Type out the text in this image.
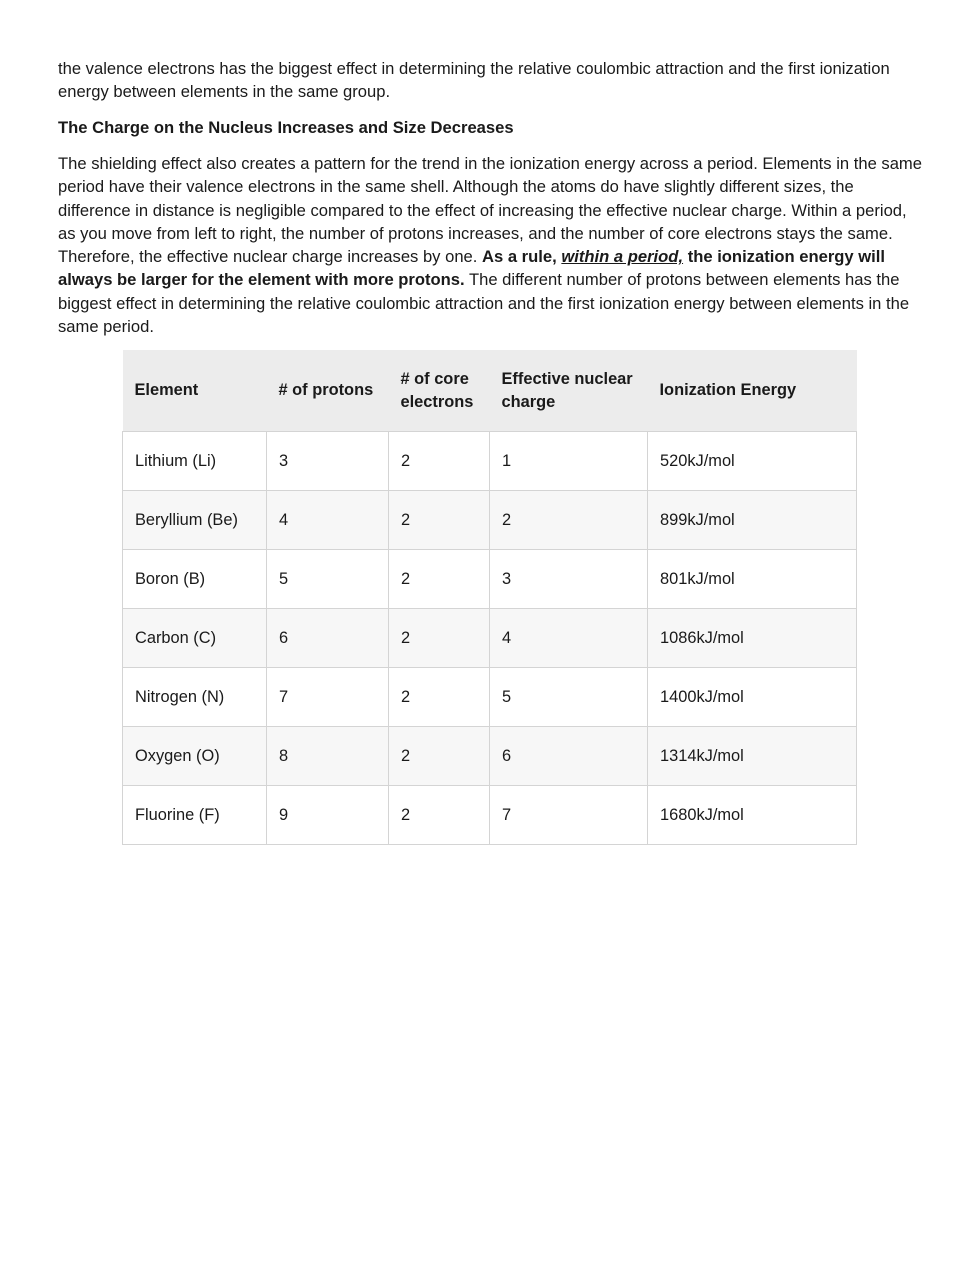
the valence electrons has the biggest effect in determining the relative coulombic attraction and the first ionization energy between elements in the same group.

The Charge on the Nucleus Increases and Size Decreases

The shielding effect also creates a pattern for the trend in the ionization energy across a period. Elements in the same period have their valence electrons in the same shell. Although the atoms do have slightly different sizes, the difference in distance is negligible compared to the effect of increasing the effective nuclear charge. Within a period, as you move from left to right, the number of protons increases, and the number of core electrons stays the same. Therefore, the effective nuclear charge increases by one. As a rule, within a period, the ionization energy will always be larger for the element with more protons. The different number of protons between elements has the biggest effect in determining the relative coulombic attraction and the first ionization energy between elements in the same period.

Element	# of protons	# of core electrons	Effective nuclear charge	Ionization Energy
Lithium (Li)	3	2	1	520kJ/mol
Beryllium (Be)	4	2	2	899kJ/mol
Boron (B)	5	2	3	801kJ/mol
Carbon (C)	6	2	4	1086kJ/mol
Nitrogen (N)	7	2	5	1400kJ/mol
Oxygen (O)	8	2	6	1314kJ/mol
Fluorine (F)	9	2	7	1680kJ/mol
